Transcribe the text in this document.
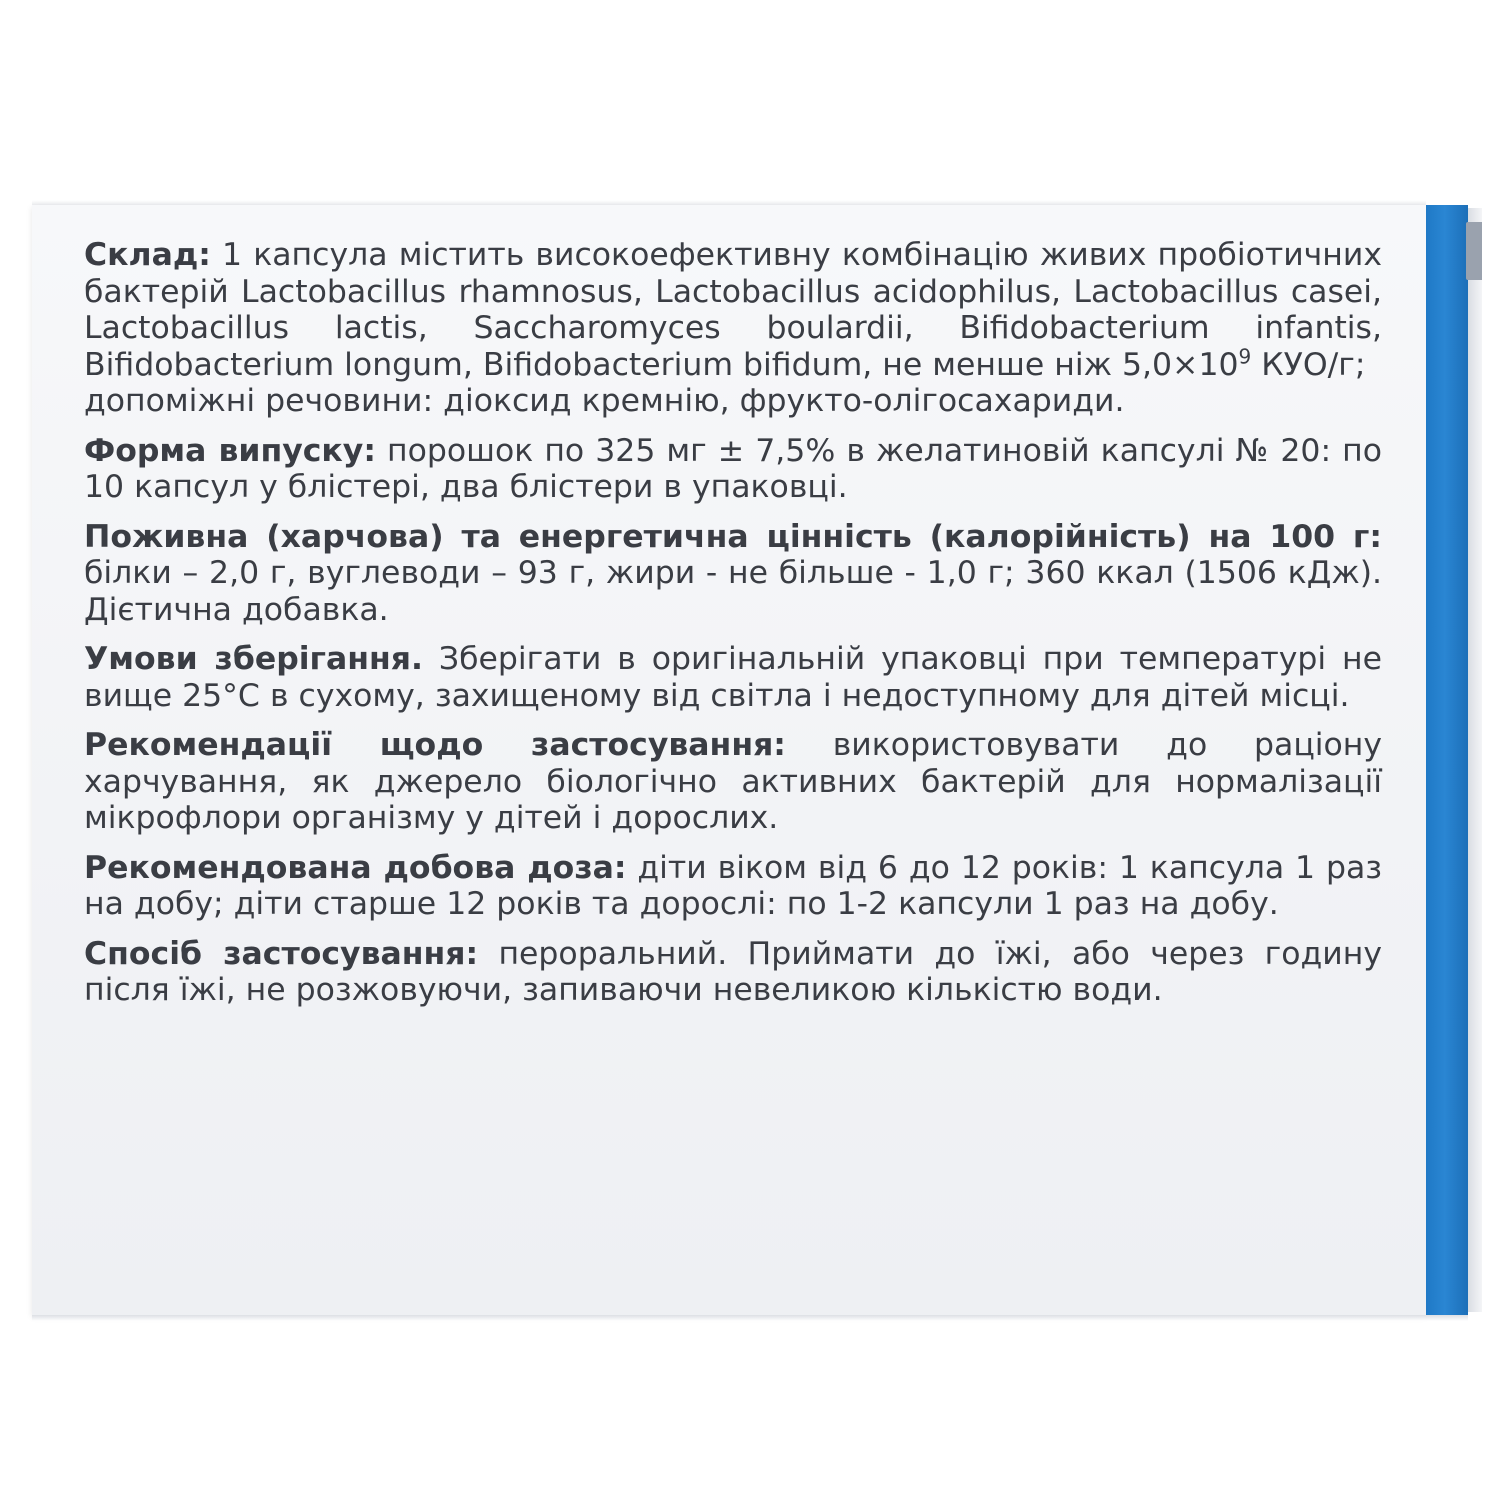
Склад: 1 капсула містить високоефективну комбінацію живих пробіотичних бактерій Lactobacillus rhamnosus, Lactobacillus acidophilus, Lactobacillus casei, Lactobacillus lactis, Saccharomyces boulardii, Bifidobacterium infantis, Bifidobacterium longum, Bifidobacterium bifidum, не менше ніж $5,0\times 10^9$ КУО/г;
допоміжні речовини: діоксид кремнію, фрукто-олігосахариди.

Форма випуску: порошок по 325 мг ± 7,5% в желатиновій капсулі № 20: по 10 капсул у блістері, два блістери в упаковці.

Поживна (харчова) та енергетична цінність (калорійність) на 100 г: білки – 2,0 г, вуглеводи – 93 г, жири - не більше - 1,0 г; 360 ккал (1506 кДж). Дієтична добавка.

Умови зберігання. Зберігати в оригінальній упаковці при температурі не вище 25°С в сухому, захищеному від світла і недоступному для дітей місці.

Рекомендації щодо застосування: використовувати до раціону харчування, як джерело біологічно активних бактерій для нормалізації мікрофлори організму у дітей і дорослих.

Рекомендована добова доза: діти віком від 6 до 12 років: 1 капсула 1 раз на добу; діти старше 12 років та дорослі: по 1-2 капсули 1 раз на добу.

Спосіб застосування: пероральний. Приймати до їжі, або через годину після їжі, не розжовуючи, запиваючи невеликою кількістю води.
